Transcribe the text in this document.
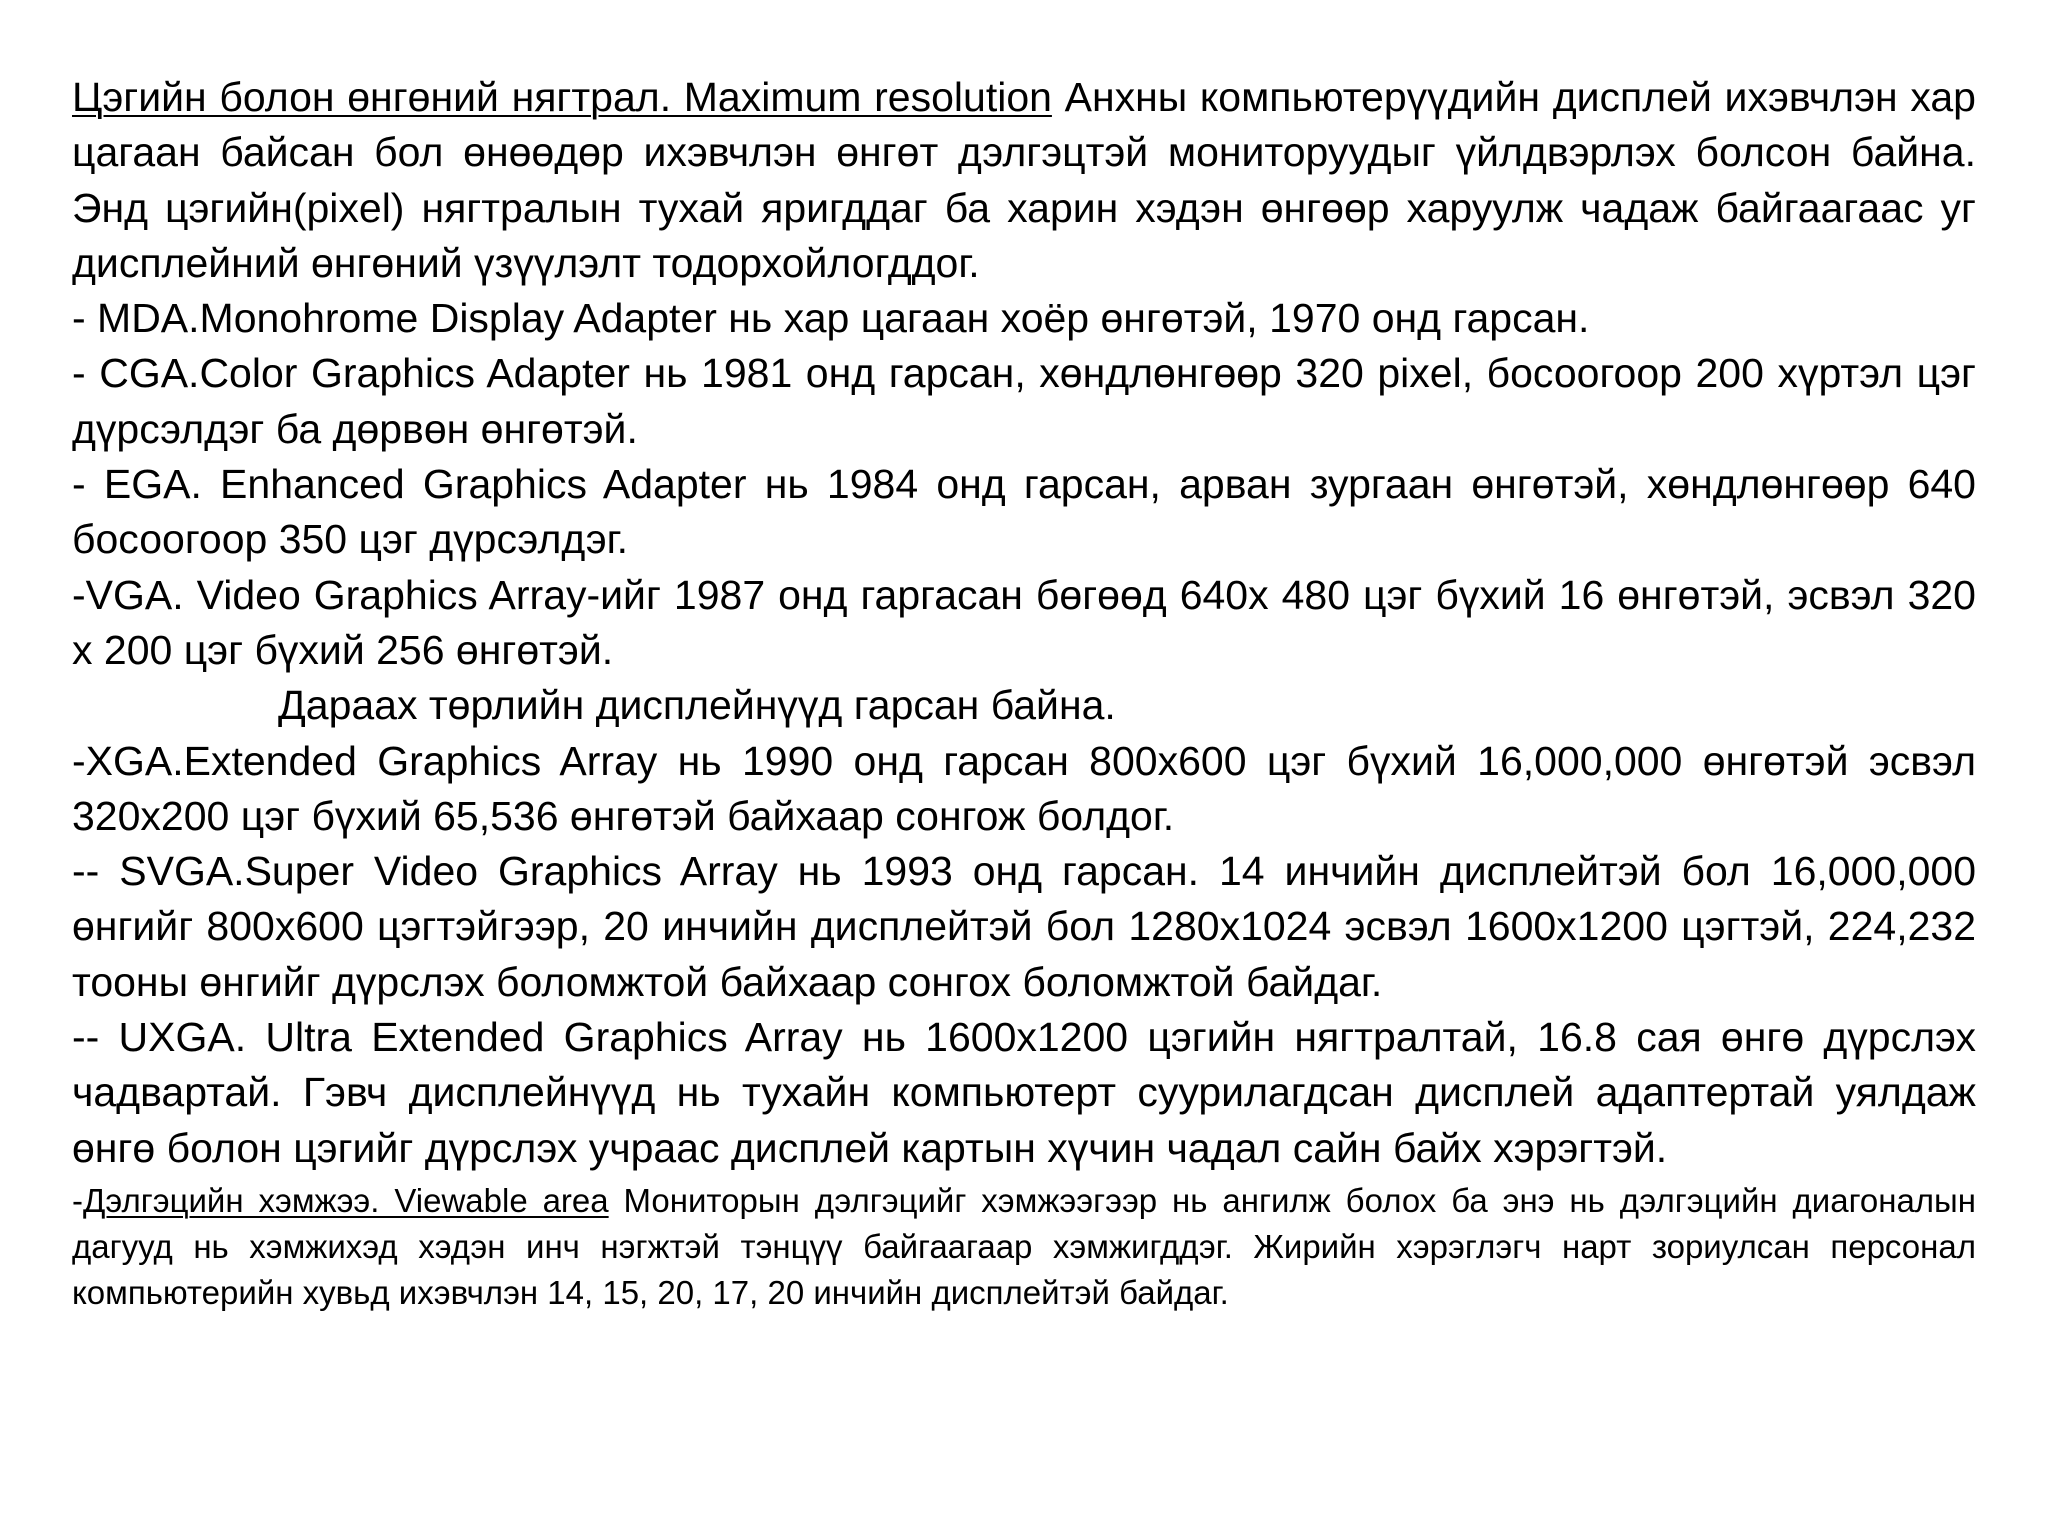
Цэгийн болон өнгөний нягтрал. Maximum resolution Анхны компьютерүүдийн дисплей ихэвчлэн хар цагаан байсан бол өнөөдөр ихэвчлэн өнгөт дэлгэцтэй мониторуудыг үйлдвэрлэх болсон байна. Энд цэгийн(pixel) нягтралын тухай яригддаг ба харин хэдэн өнгөөр харуулж чадаж байгаагаас уг дисплейний өнгөний үзүүлэлт тодорхойлогддог.

- MDA.Monohrome Display Adapter нь хар цагаан хоёр өнгөтэй, 1970 онд гарсан.

- CGA.Color Graphics Adapter нь 1981 онд гарсан, хөндлөнгөөр 320 pixel, босоогоор 200 хүртэл цэг дүрсэлдэг ба дөрвөн өнгөтэй.

- EGA. Enhanced Graphics Adapter нь 1984 онд гарсан, арван зургаан өнгөтэй, хөндлөнгөөр 640 босоогоор 350 цэг дүрсэлдэг.

-VGA. Video Graphics Array-ийг 1987 онд гаргасан бөгөөд 640x 480 цэг бүхий 16 өнгөтэй, эсвэл 320 x 200 цэг бүхий 256 өнгөтэй.

Дараах төрлийн дисплейнүүд гарсан байна.

-XGA.Extended Graphics Array нь 1990 онд гарсан 800x600 цэг бүхий 16,000,000 өнгөтэй эсвэл 320x200 цэг бүхий 65,536 өнгөтэй байхаар сонгож болдог.

-- SVGA.Super Video Graphics Array нь 1993 онд гарсан. 14 инчийн дисплейтэй бол 16,000,000 өнгийг 800x600 цэгтэйгээр, 20 инчийн дисплейтэй бол 1280x1024 эсвэл 1600x1200 цэгтэй, 224,232 тооны өнгийг дүрслэх боломжтой байхаар сонгох боломжтой байдаг.

-- UXGA. Ultra Extended Graphics Array нь 1600x1200 цэгийн нягтралтай, 16.8 сая өнгө дүрслэх чадвартай. Гэвч дисплейнүүд нь тухайн компьютерт суурилагдсан дисплей адаптертай уялдаж өнгө болон цэгийг дүрслэх учраас дисплей картын хүчин чадал сайн байх хэрэгтэй.

-Дэлгэцийн хэмжээ. Viewable area Мониторын дэлгэцийг хэмжээгээр нь ангилж болох ба энэ нь дэлгэцийн диагоналын дагууд нь хэмжихэд хэдэн инч нэгжтэй тэнцүү байгаагаар хэмжигддэг. Жирийн хэрэглэгч нарт зориулсан персонал компьютерийн хувьд ихэвчлэн 14, 15, 20, 17, 20 инчийн дисплейтэй байдаг.
